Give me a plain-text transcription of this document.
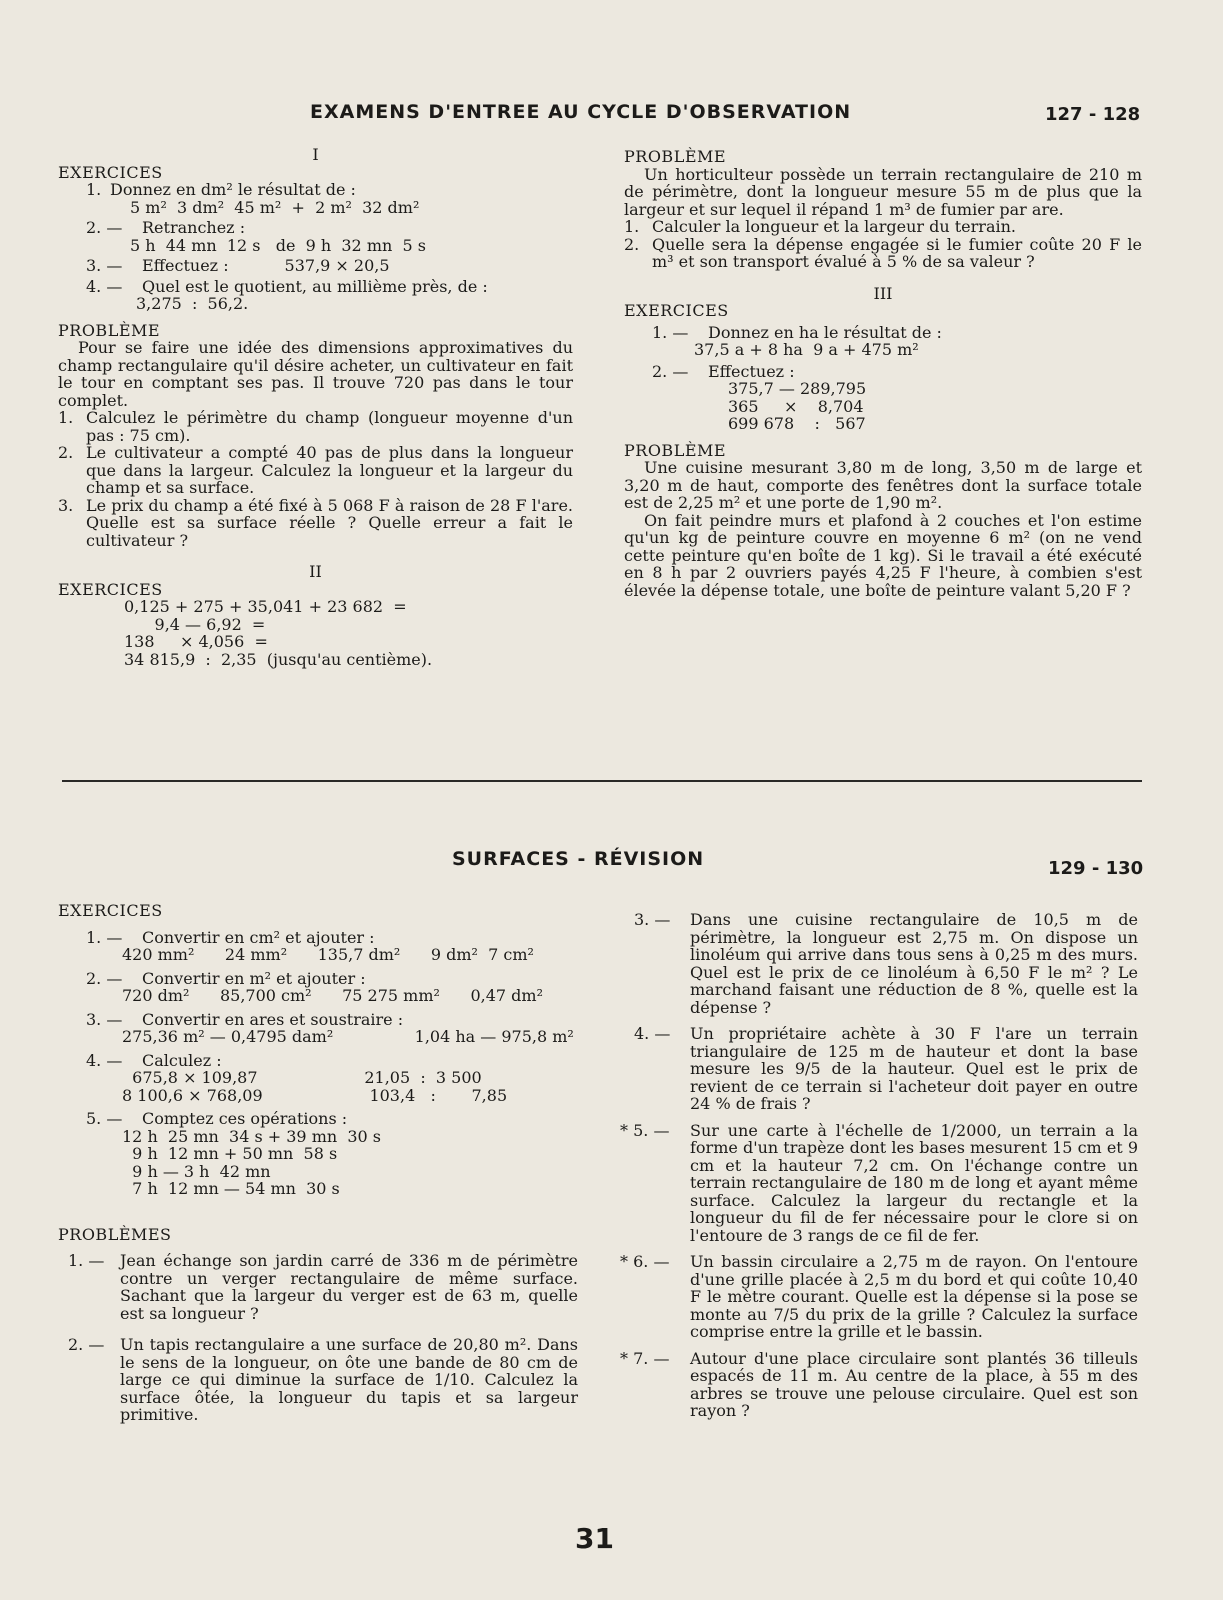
EXAMENS D'ENTREE AU CYCLE D'OBSERVATION	127 - 128

I

EXERCICES

1. Donnez en dm² le résultat de :

5 m²  3 dm²  45 m²  +  2 m²  32 dm²

2. —	Retranchez :

5 h  44 mn  12 s   de  9 h  32 mn  5 s

3. —	Effectuez :           537,9 × 20,5
4. —	Quel est le quotient, au millième près, de :

3,275  :  56,2.

PROBLÈME

Pour se faire une idée des dimensions approximatives du champ rectangulaire qu'il désire acheter, un cultivateur en fait le tour en comptant ses pas. Il trouve 720 pas dans le tour complet.

1. Calculez le périmètre du champ (longueur moyenne d'un pas : 75 cm).
2. Le cultivateur a compté 40 pas de plus dans la longueur que dans la largeur. Calculez la longueur et la largeur du champ et sa surface.
3. Le prix du champ a été fixé à 5 068 F à raison de 28 F l'are. Quelle est sa surface réelle ? Quelle erreur a fait le cultivateur ?

II

EXERCICES

0,125 + 275 + 35,041 + 23 682  =

9,4 — 6,92  =

138     × 4,056  =

34 815,9  :  2,35  (jusqu'au centième).

PROBLÈME

Un horticulteur possède un terrain rectangulaire de 210 m de périmètre, dont la longueur mesure 55 m de plus que la largeur et sur lequel il répand 1 m³ de fumier par are.

1. Calculer la longueur et la largeur du terrain.
2. Quelle sera la dépense engagée si le fumier coûte 20 F le m³ et son transport évalué à 5 % de sa valeur ?

III

EXERCICES

1. —	Donnez en ha le résultat de :

37,5 a + 8 ha  9 a + 475 m²

2. —	Effectuez :

375,7 — 289,795

365     ×    8,704

699 678    :   567

PROBLÈME

Une cuisine mesurant 3,80 m de long, 3,50 m de large et 3,20 m de haut, comporte des fenêtres dont la surface totale est de 2,25 m² et une porte de 1,90 m².

On fait peindre murs et plafond à 2 couches et l'on estime qu'un kg de peinture couvre en moyenne 6 m² (on ne vend cette peinture qu'en boîte de 1 kg). Si le travail a été exécuté en 8 h par 2 ouvriers payés 4,25 F l'heure, à combien s'est élevée la dépense totale, une boîte de peinture valant 5,20 F ?

SURFACES - RÉVISION	129 - 130

EXERCICES

1. —	Convertir en cm² et ajouter :

420 mm²      24 mm²      135,7 dm²      9 dm²  7 cm²

2. —	Convertir en m² et ajouter :

720 dm²      85,700 cm²      75 275 mm²      0,47 dm²

3. —	Convertir en ares et soustraire :

275,36 m² — 0,4795 dam²                1,04 ha — 975,8 m²

4. —	Calculez :

675,8 × 109,87                     21,05  :  3 500

8 100,6 × 768,09                     103,4   :       7,85

5. —	Comptez ces opérations :

12 h  25 mn  34 s + 39 mn  30 s

9 h  12 mn + 50 mn  58 s

9 h — 3 h  42 mn

7 h  12 mn — 54 mn  30 s

PROBLÈMES

1. — Jean échange son jardin carré de 336 m de périmètre contre un verger rectangulaire de même surface. Sachant que la largeur du verger est de 63 m, quelle est sa longueur ?
2. — Un tapis rectangulaire a une surface de 20,80 m². Dans le sens de la longueur, on ôte une bande de 80 cm de large ce qui diminue la surface de 1/10. Calculez la surface ôtée, la longueur du tapis et sa largeur primitive.
3. —	Dans une cuisine rectangulaire de 10,5 m de périmètre, la longueur est 2,75 m. On dispose un linoléum qui arrive dans tous sens à 0,25 m des murs. Quel est le prix de ce linoléum à 6,50 F le m² ? Le marchand faisant une réduction de 8 %, quelle est la dépense ?
4. —	Un propriétaire achète à 30 F l'are un terrain triangulaire de 125 m de hauteur et dont la base mesure les 9/5 de la hauteur. Quel est le prix de revient de ce terrain si l'acheteur doit payer en outre 24 % de frais ?
* 5. —	Sur une carte à l'échelle de 1/2000, un terrain a la forme d'un trapèze dont les bases mesurent 15 cm et 9 cm et la hauteur 7,2 cm. On l'échange contre un terrain rectangulaire de 180 m de long et ayant même surface. Calculez la largeur du rectangle et la longueur du fil de fer nécessaire pour le clore si on l'entoure de 3 rangs de ce fil de fer.
* 6. —	Un bassin circulaire a 2,75 m de rayon. On l'entoure d'une grille placée à 2,5 m du bord et qui coûte 10,40 F le mètre courant. Quelle est la dépense si la pose se monte au 7/5 du prix de la grille ? Calculez la surface comprise entre la grille et le bassin.
* 7. —	Autour d'une place circulaire sont plantés 36 tilleuls espacés de 11 m. Au centre de la place, à 55 m des arbres se trouve une pelouse circulaire. Quel est son rayon ?
31
